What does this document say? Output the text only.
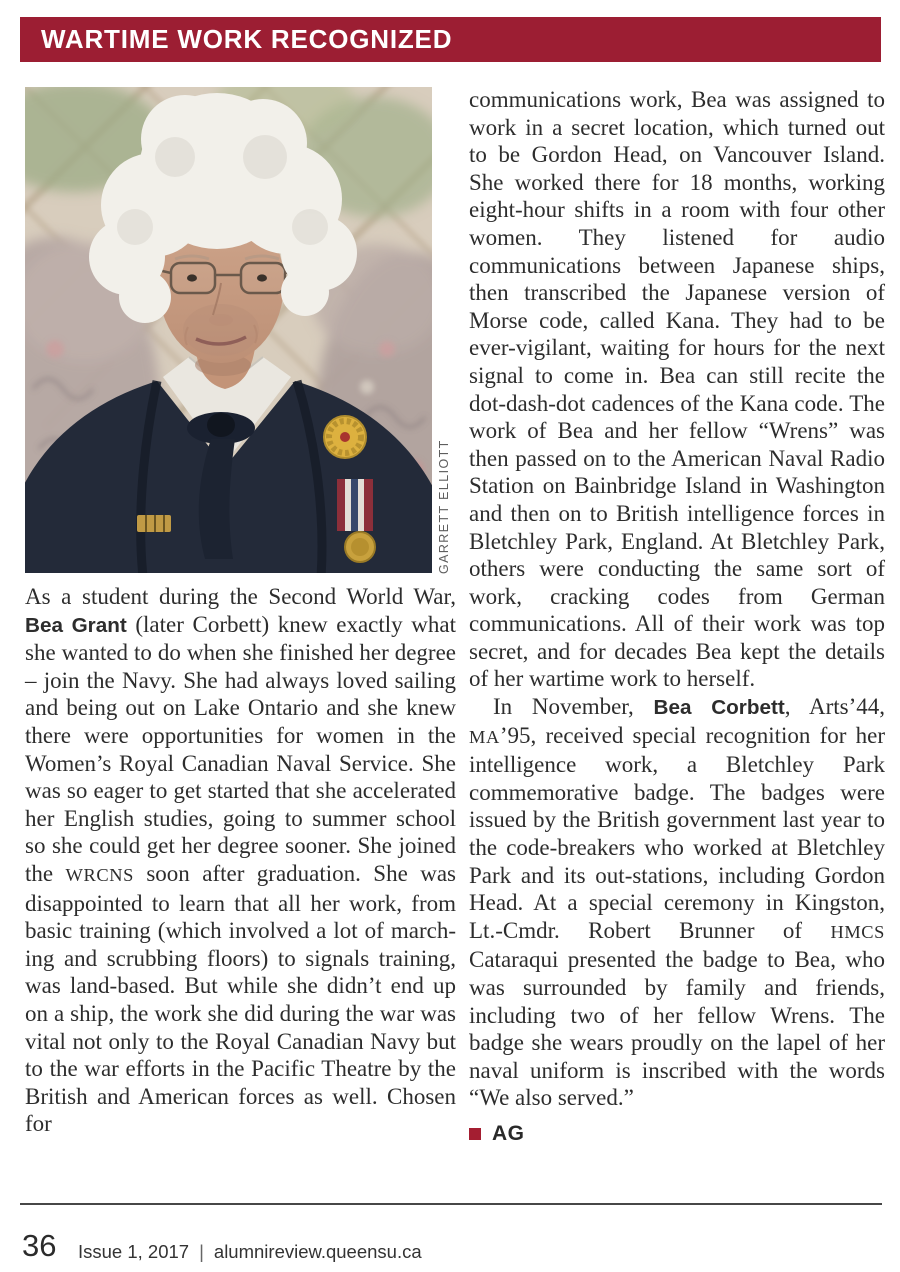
WARTIME WORK RECOGNIZED
GARRETT ELLIOTT

As a student during the Second World War, Bea Grant (later Corbett) knew exactly what she wanted to do when she finished her degree – join the Navy. She had always loved sailing and being out on Lake Ontario and she knew there were opportunities for women in the Women’s Royal Canadian Naval Service. She was so eager to get started that she accelerated her English studies, going to summer school so she could get her degree sooner. She joined the WRCNS soon after graduation. She was disappointed to learn that all her work, from basic training (which involved a lot of marching and scrubbing floors) to signals training, was land-based. But while she didn’t end up on a ship, the work she did during the war was vital not only to the Royal Canadian Navy but to the war efforts in the Pacific Theatre by the British and American forces as well. Chosen for

communications work, Bea was assigned to work in a secret location, which turned out to be Gordon Head, on Vancouver Island. She worked there for 18 months, working eight-hour shifts in a room with four other women. They listened for audio communications between Japanese ships, then transcribed the Japanese version of Morse code, called Kana. They had to be ever-vigilant, waiting for hours for the next signal to come in. Bea can still recite the dot-dash-dot cadences of the Kana code. The work of Bea and her fellow “Wrens” was then passed on to the American Naval Radio Station on Bainbridge Island in Washington and then on to British intelligence forces in Bletchley Park, England. At Bletchley Park, others were conducting the same sort of work, cracking codes from German communications. All of their work was top secret, and for decades Bea kept the details of her wartime work to herself.

In November, Bea Corbett, Arts’44, MA’95, received special recognition for her intelligence work, a Bletchley Park commemorative badge. The badges were issued by the British government last year to the code-breakers who worked at Bletchley Park and its out-stations, including Gordon Head. At a special ceremony in Kingston, Lt.-Cmdr. Robert Brunner of HMCS Cataraqui presented the badge to Bea, who was surrounded by family and friends, including two of her fellow Wrens. The badge she wears proudly on the lapel of her naval uniform is inscribed with the words “We also served.”

AG
36 Issue 1, 2017 | alumnireview.queensu.ca
